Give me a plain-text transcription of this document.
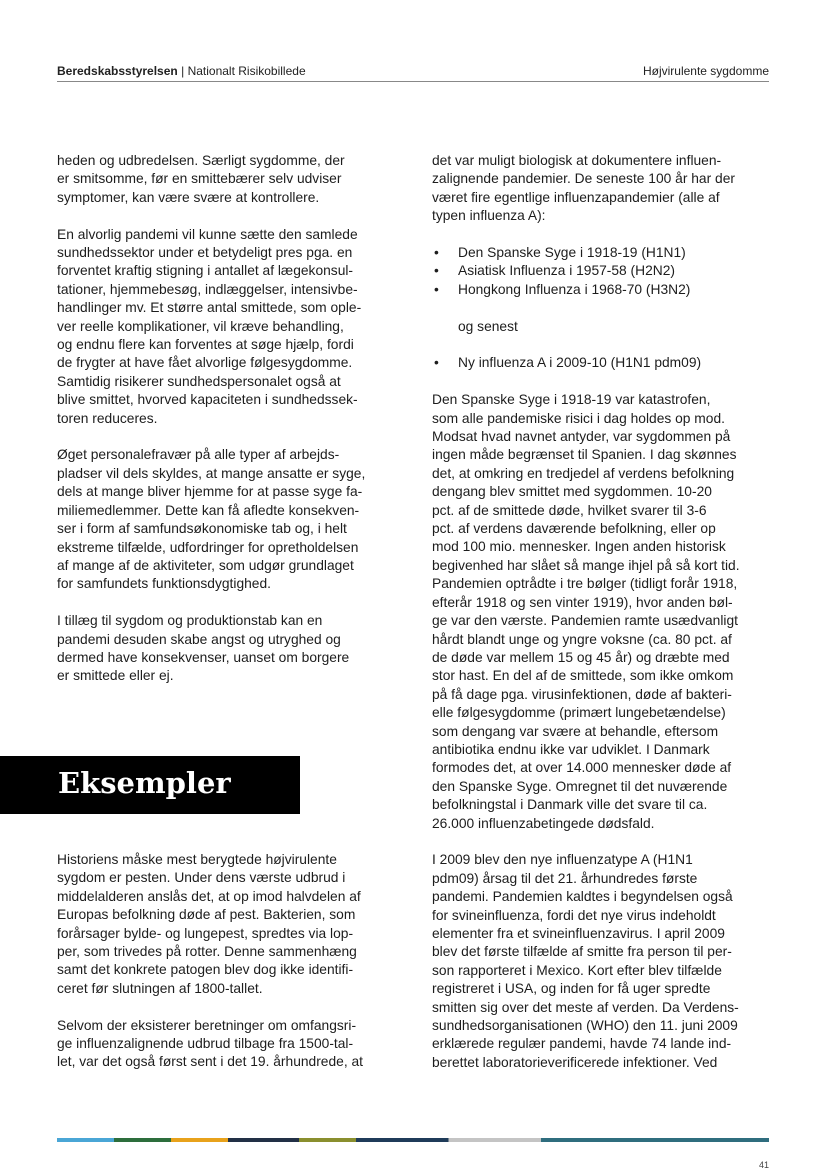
Beredskabsstyrelsen | Nationalt Risikobillede	Højvirulente sygdomme

heden og udbredelsen. Særligt sygdomme, der
er smitsomme, før en smittebærer selv udviser
symptomer, kan være svære at kontrollere.

En alvorlig pandemi vil kunne sætte den samlede
sundhedssektor under et betydeligt pres pga. en
forventet kraftig stigning i antallet af lægekonsul-
tationer, hjemmebesøg, indlæggelser, intensivbe-
handlinger mv. Et større antal smittede, som ople-
ver reelle komplikationer, vil kræve behandling,
og endnu flere kan forventes at søge hjælp, fordi
de frygter at have fået alvorlige følgesygdomme.
Samtidig risikerer sundhedspersonalet også at
blive smittet, hvorved kapaciteten i sundhedssek-
toren reduceres.

Øget personalefravær på alle typer af arbejds-
pladser vil dels skyldes, at mange ansatte er syge,
dels at mange bliver hjemme for at passe syge fa-
miliemedlemmer. Dette kan få afledte konsekven-
ser i form af samfundsøkonomiske tab og, i helt
ekstreme tilfælde, udfordringer for opretholdelsen
af mange af de aktiviteter, som udgør grundlaget
for samfundets funktionsdygtighed.

I tillæg til sygdom og produktionstab kan en
pandemi desuden skabe angst og utryghed og
dermed have konsekvenser, uanset om borgere
er smittede eller ej.

Eksempler

Historiens måske mest berygtede højvirulente
sygdom er pesten. Under dens værste udbrud i
middelalderen anslås det, at op imod halvdelen af
Europas befolkning døde af pest. Bakterien, som
forårsager bylde- og lungepest, spredtes via lop-
per, som trivedes på rotter. Denne sammenhæng
samt det konkrete patogen blev dog ikke identifi-
ceret før slutningen af 1800-tallet.

Selvom der eksisterer beretninger om omfangsri-
ge influenzalignende udbrud tilbage fra 1500-tal-
let, var det også først sent i det 19. århundrede, at

det var muligt biologisk at dokumentere influen-
zalignende pandemier. De seneste 100 år har der
været fire egentlige influenzapandemier (alle af
typen influenza A):

• Den Spanske Syge i 1918-19 (H1N1)
• Asiatisk Influenza i 1957-58 (H2N2)
• Hongkong Influenza i 1968-70 (H3N2)
og senest
• Ny influenza A i 2009-10 (H1N1 pdm09)

Den Spanske Syge i 1918-19 var katastrofen,
som alle pandemiske risici i dag holdes op mod.
Modsat hvad navnet antyder, var sygdommen på
ingen måde begrænset til Spanien. I dag skønnes
det, at omkring en tredjedel af verdens befolkning
dengang blev smittet med sygdommen. 10-20
pct. af de smittede døde, hvilket svarer til 3-6
pct. af verdens daværende befolkning, eller op
mod 100 mio. mennesker. Ingen anden historisk
begivenhed har slået så mange ihjel på så kort tid.
Pandemien optrådte i tre bølger (tidligt forår 1918,
efterår 1918 og sen vinter 1919), hvor anden bøl-
ge var den værste. Pandemien ramte usædvanligt
hårdt blandt unge og yngre voksne (ca. 80 pct. af
de døde var mellem 15 og 45 år) og dræbte med
stor hast. En del af de smittede, som ikke omkom
på få dage pga. virusinfektionen, døde af bakteri-
elle følgesygdomme (primært lungebetændelse)
som dengang var svære at behandle, eftersom
antibiotika endnu ikke var udviklet. I Danmark
formodes det, at over 14.000 mennesker døde af
den Spanske Syge. Omregnet til det nuværende
befolkningstal i Danmark ville det svare til ca.
26.000 influenzabetingede dødsfald.

I 2009 blev den nye influenzatype A (H1N1
pdm09) årsag til det 21. århundredes første
pandemi. Pandemien kaldtes i begyndelsen også
for svineinfluenza, fordi det nye virus indeholdt
elementer fra et svineinfluenzavirus. I april 2009
blev det første tilfælde af smitte fra person til per-
son rapporteret i Mexico. Kort efter blev tilfælde
registreret i USA, og inden for få uger spredte
smitten sig over det meste af verden. Da Verdens-
sundhedsorganisationen (WHO) den 11. juni 2009
erklærede regulær pandemi, havde 74 lande ind-
berettet laboratorieverificerede infektioner. Ved

41
